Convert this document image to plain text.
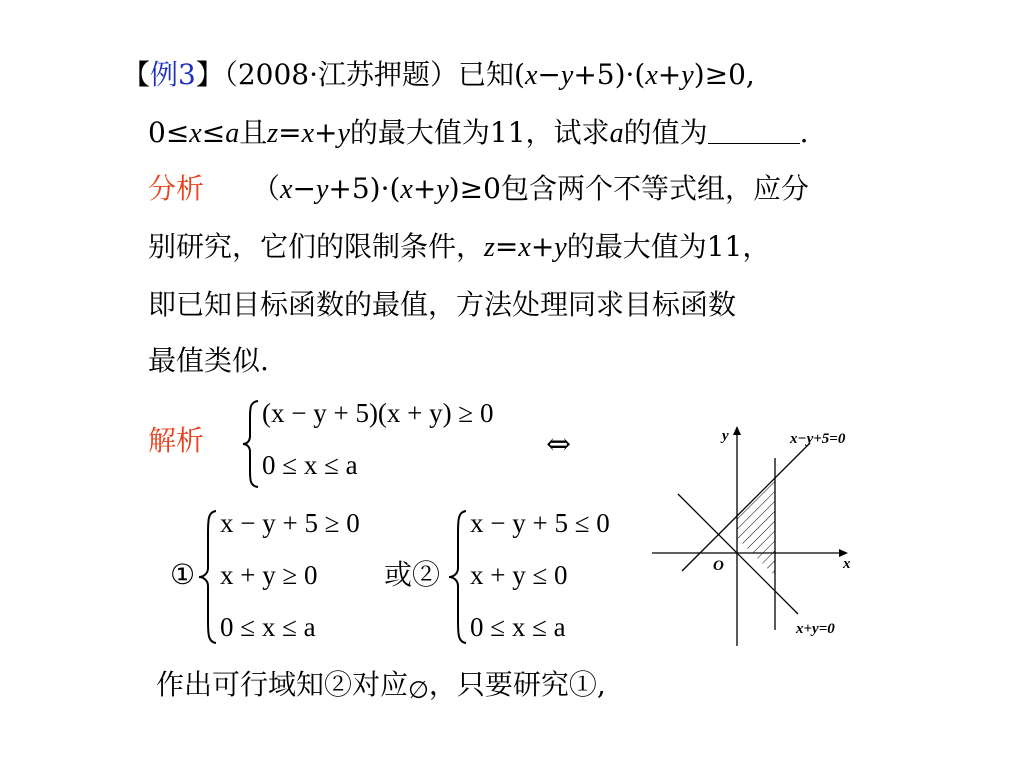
【例3】（2008·江苏押题）已知(x−y+5)·(x+y)≥0,
0≤x≤a且z=x+y的最大值为11，试求a的值为	.
分析 （x−y+5)·(x+y)≥0包含两个不等式组，应分
别研究，它们的限制条件，z=x+y的最大值为11，
即已知目标函数的最值，方法处理同求目标函数
最值类似.
解析
(x − y + 5)(x + y) ≥ 0
0 ≤ x ≤ a
⇔
①
x − y + 5 ≥ 0
x + y ≥ 0
0 ≤ x ≤ a
或②
x − y + 5 ≤ 0
x + y ≤ 0
0 ≤ x ≤ a
作出可行域知②对应∅，只要研究①,
y
x
O
x−y+5=0
x+y=0
